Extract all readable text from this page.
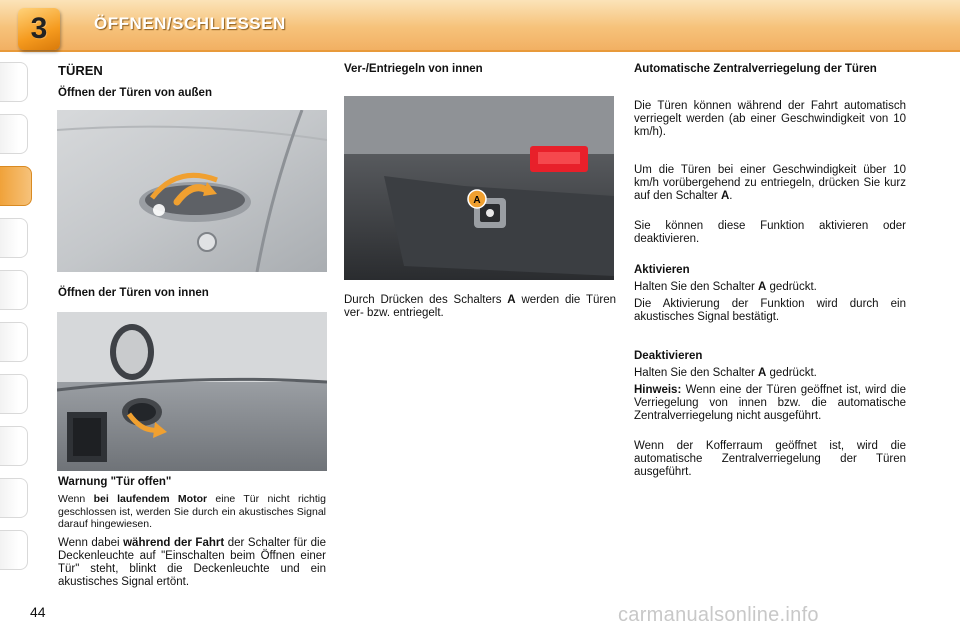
3	ÖFFNEN/SCHLIESSEN
TÜREN
Öffnen der Türen von außen
Öffnen der Türen von innen
Warnung "Tür offen"
Wenn bei laufendem Motor eine Tür nicht richtig geschlossen ist, werden Sie durch ein akustisches Signal darauf hingewiesen.
Wenn dabei während der Fahrt der Schalter für die Deckenleuchte auf "Einschalten beim Öffnen einer Tür" steht, blinkt die Deckenleuchte und ein akustisches Signal ertönt.
Ver-/Entriegeln von innen
A
Durch Drücken des Schalters A werden die Türen ver- bzw. entriegelt.
Automatische Zentralverriegelung der Türen
Die Türen können während der Fahrt automatisch verriegelt werden (ab einer Geschwindigkeit von 10 km/h).
Um die Türen bei einer Geschwindigkeit über 10 km/h vorübergehend zu entriegeln, drücken Sie kurz auf den Schalter A.
Sie können diese Funktion aktivieren oder deaktivieren.
Aktivieren
Halten Sie den Schalter A gedrückt.
Die Aktivierung der Funktion wird durch ein akustisches Signal bestätigt.
Deaktivieren
Halten Sie den Schalter A gedrückt.
Hinweis: Wenn eine der Türen geöffnet ist, wird die Verriegelung von innen bzw. die automatische Zentralverriegelung nicht ausgeführt.
Wenn der Kofferraum geöffnet ist, wird die automatische Zentralverriegelung der Türen ausgeführt.
44	carmanualsonline.info
